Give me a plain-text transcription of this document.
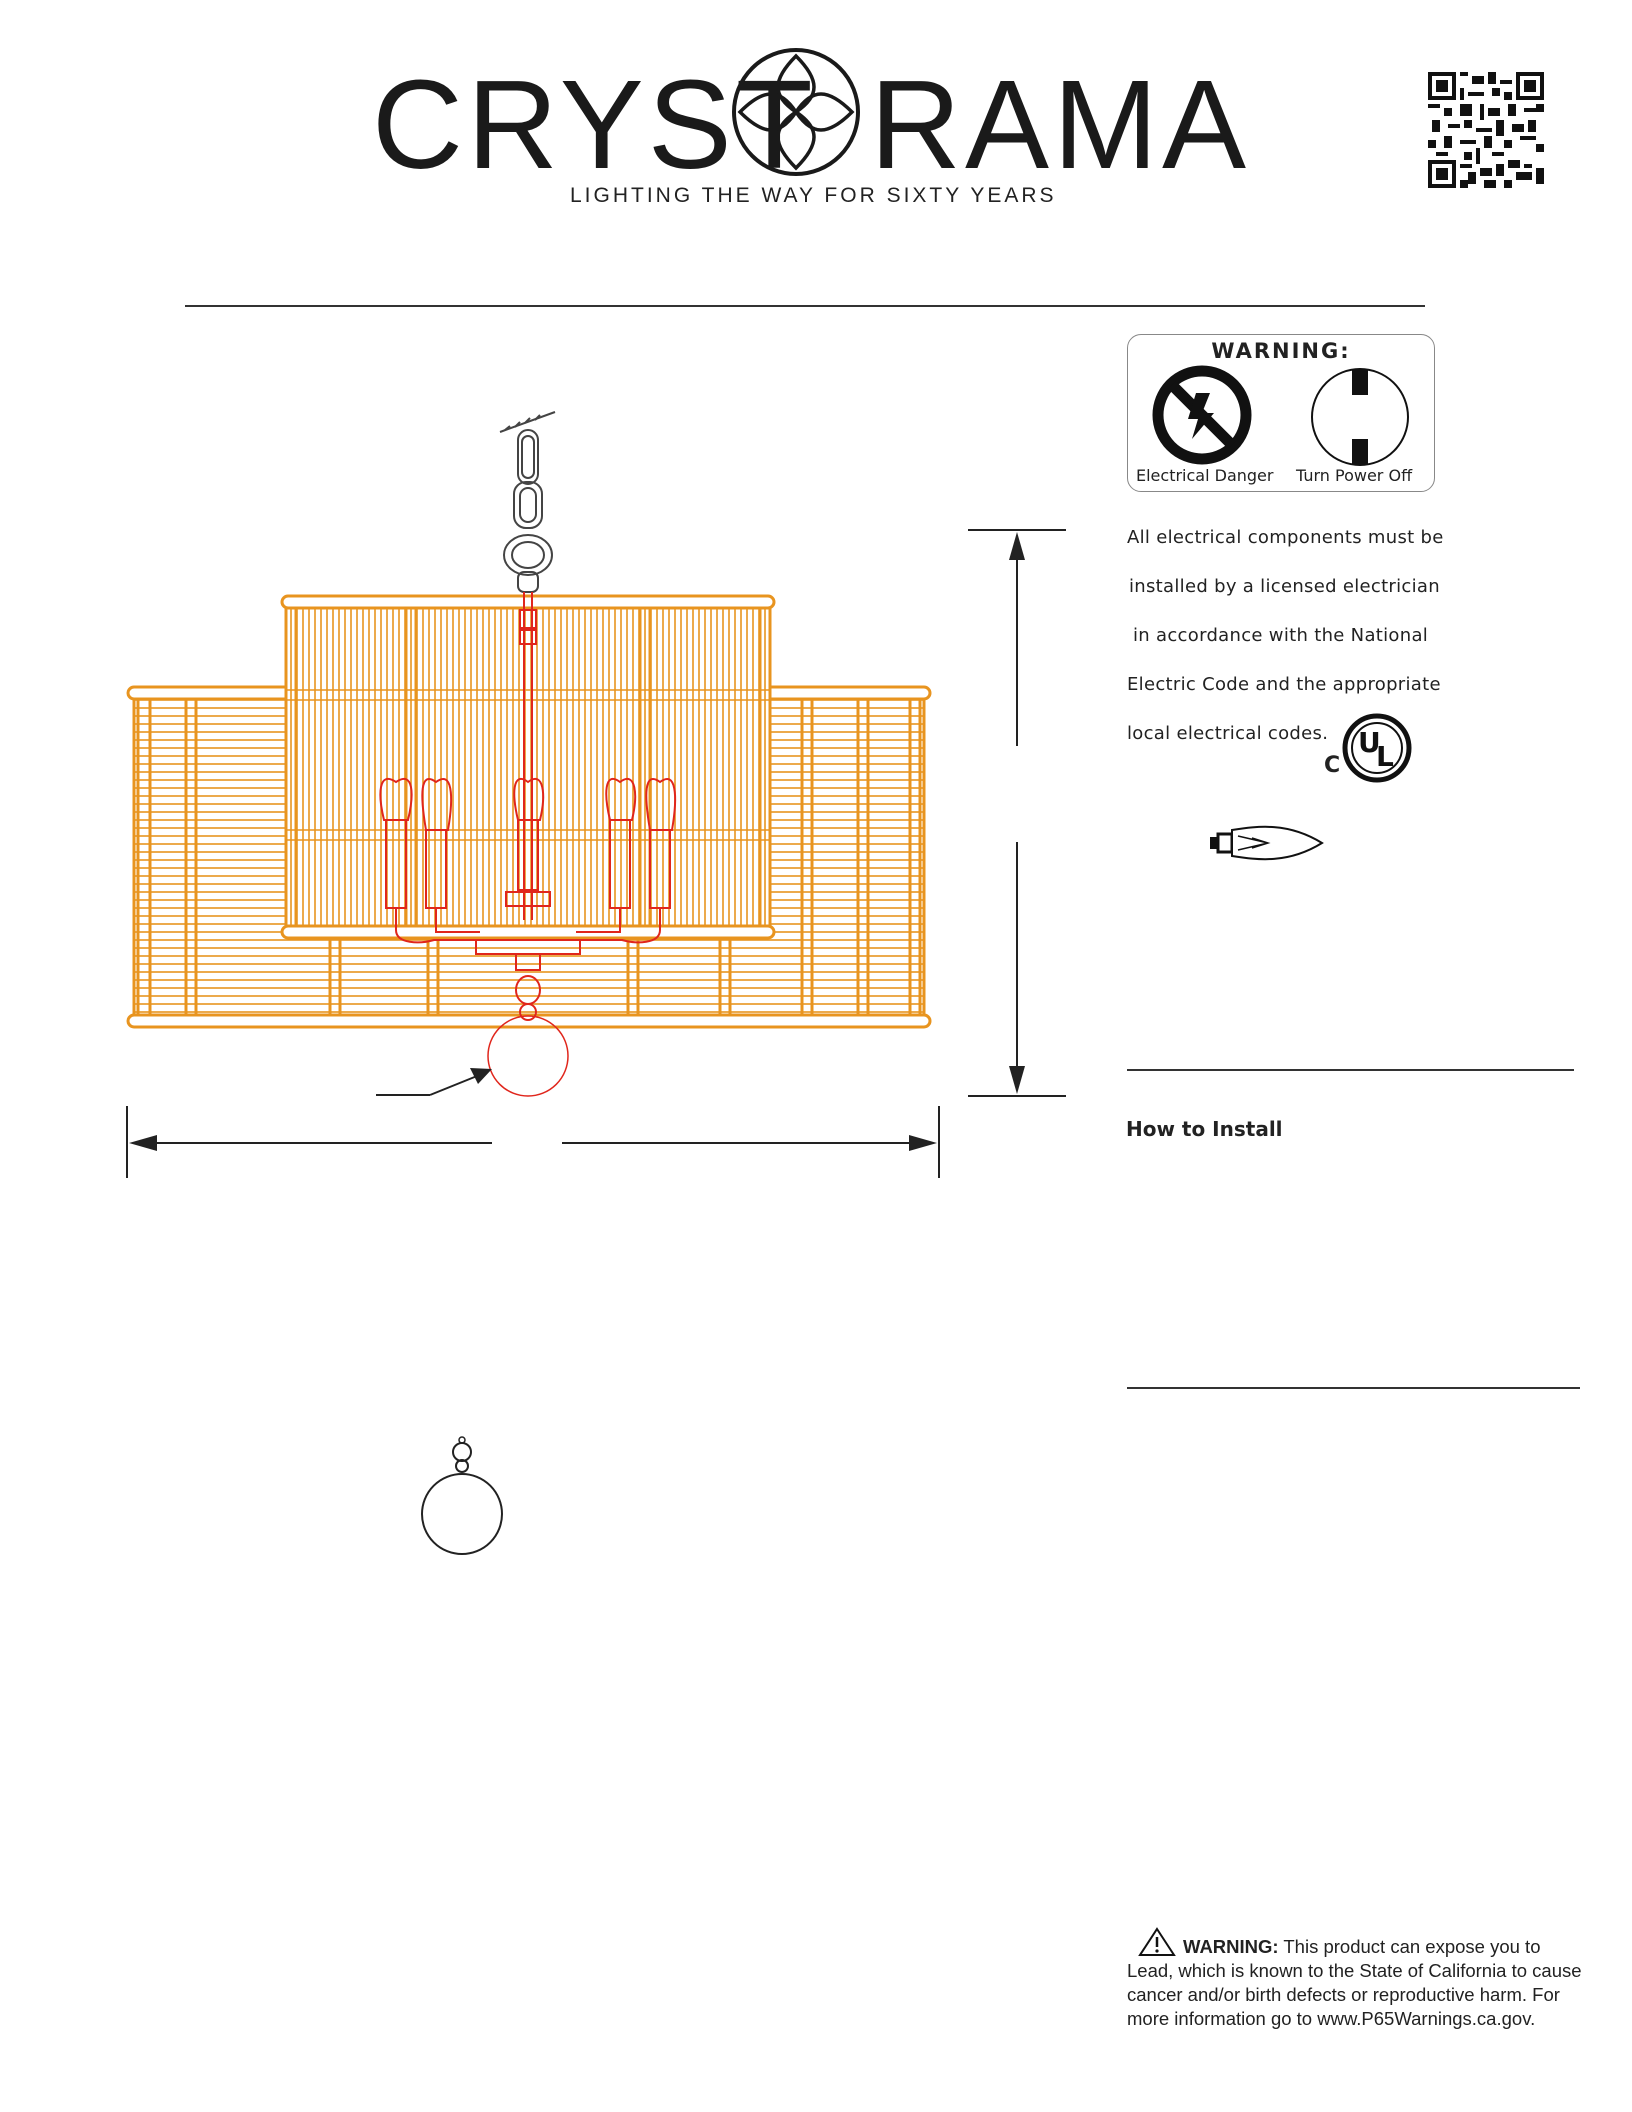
CRYST RAMA
LIGHTING THE WAY FOR SIXTY YEARS
WARNING:
Electrical Danger Turn Power Off
All electrical components must be
installed by a licensed electrician
in accordance with the National
Electric Code and the appropriate
local electrical codes.
C
U
L
How to Install
WARNING: This product can expose you to Lead, which is known to the State of California to cause cancer and/or birth defects or reproductive harm. For more information go to www.P65Warnings.ca.gov.
